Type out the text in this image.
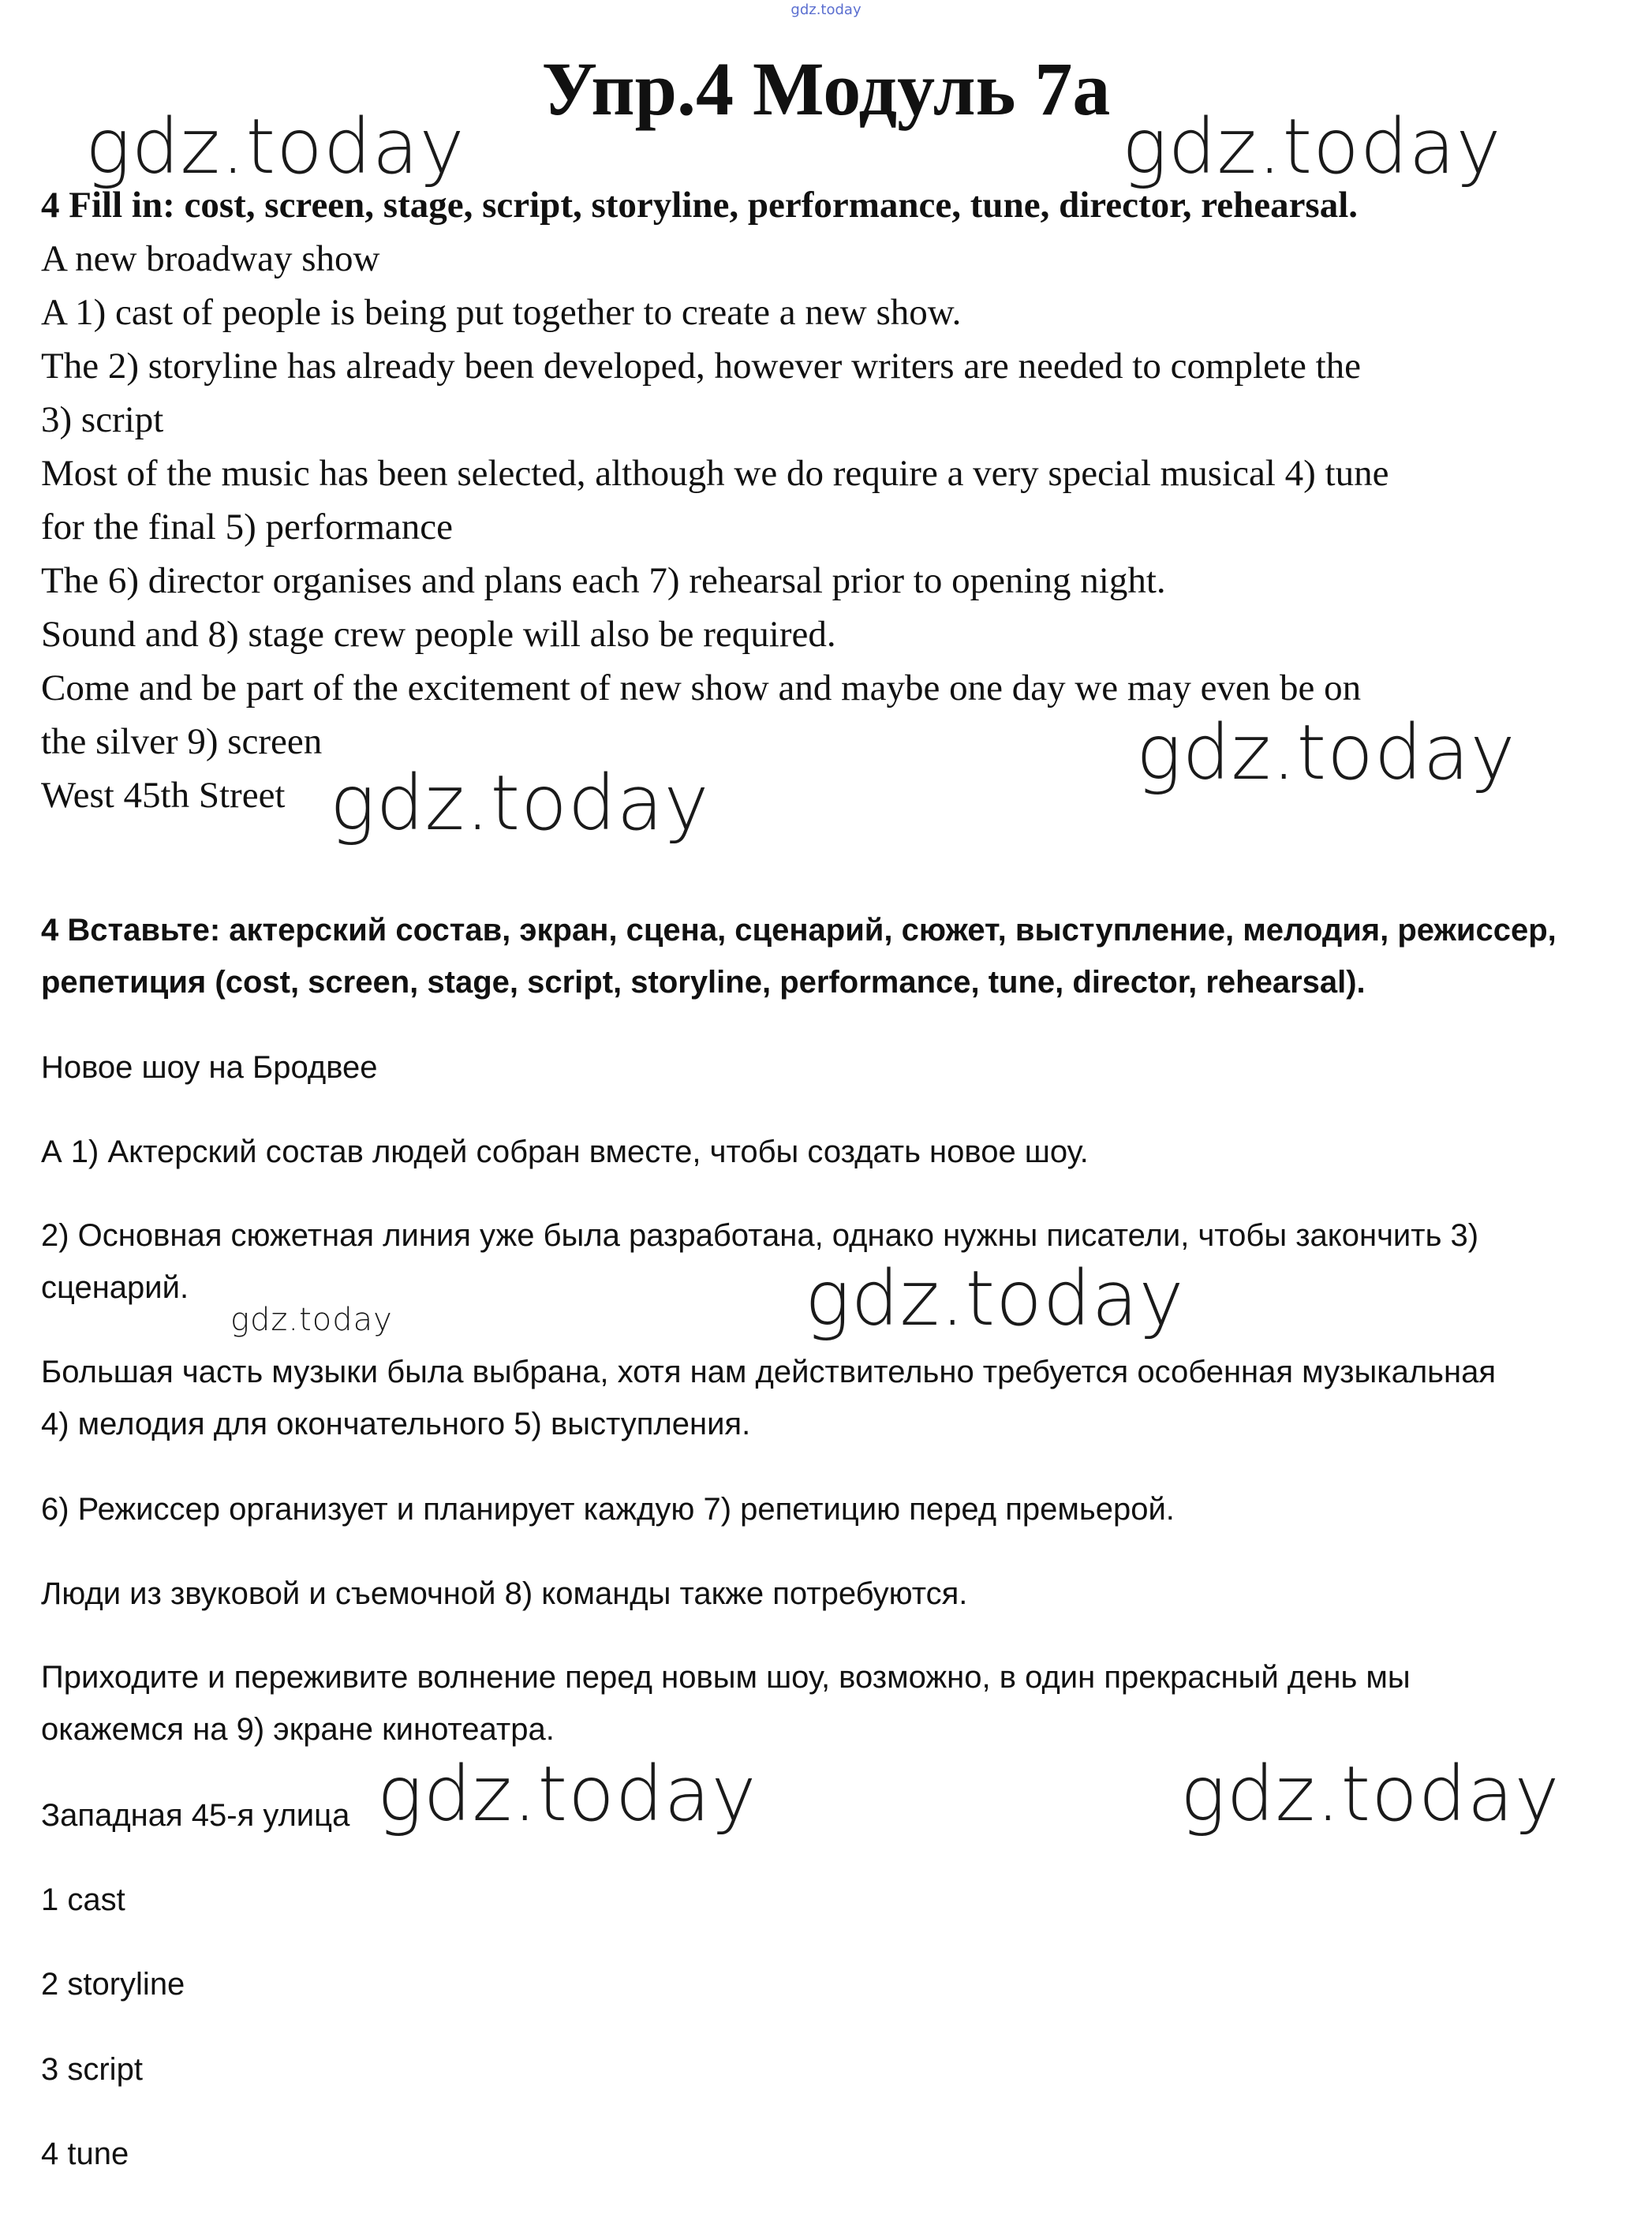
gdz.today
Упр.4 Модуль 7а

4 Fill in: cost, screen, stage, script, storyline, performance, tune, director, rehearsal.

A new broadway show

A 1) cast of people is being put together to create a new show.

The 2) storyline has already been developed, however writers are needed to complete the

3) script

Most of the music has been selected, although we do require a very special musical 4) tune

for the final 5) performance

The 6) director organises and plans each 7) rehearsal prior to opening night.

Sound and 8) stage crew people will also be required.

Come and be part of the excitement of new show and maybe one day we may even be on

the silver 9) screen

West 45th Street

4 Вставьте: актерский состав, экран, сцена, сценарий, сюжет, выступление, мелодия, режиссер,

репетиция (cost, screen, stage, script, storyline, performance, tune, director, rehearsal).

Новое шоу на Бродвее
А 1) Актерский состав людей собран вместе, чтобы создать новое шоу.

2) Основная сюжетная линия уже была разработана, однако нужны писатели, чтобы закончить 3)

сценарий.

Большая часть музыки была выбрана, хотя нам действительно требуется особенная музыкальная

4) мелодия для окончательного 5) выступления.

6) Режиссер организует и планирует каждую 7) репетицию перед премьерой.
Люди из звуковой и съемочной 8) команды также потребуются.

Приходите и переживите волнение перед новым шоу, возможно, в один прекрасный день мы

окажемся на 9) экране кинотеатра.

Западная 45-я улица
1 cast
2 storyline
3 script
4 tune
gdz.today	gdz.today
gdz.today
gdz.today
gdz.today	gdz.today
gdz.today	gdz.today
